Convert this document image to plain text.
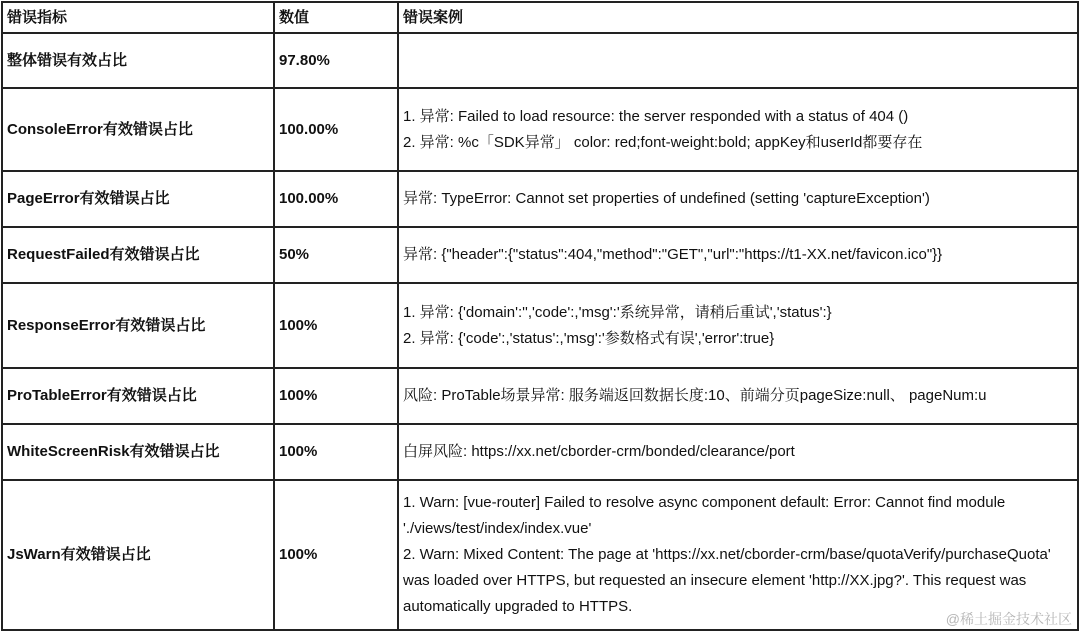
错误指标	数值	错误案例
整体错误有效占比	97.80%	
ConsoleError有效错误占比	100.00%	1. 异常: Failed to load resource: the server responded with a status of 404 ()
2. 异常: %c「SDK异常」 color: red;font-weight:bold; appKey和userId都要存在

PageError有效错误占比	100.00%	异常: TypeError: Cannot set properties of undefined (setting 'captureException')
RequestFailed有效错误占比	50%	异常: {"header":{"status":404,"method":"GET","url":"https://t1-XX.net/favicon.ico"}}
ResponseError有效错误占比	100%	1. 异常: {'domain':'','code':,'msg':'系统异常，请稍后重试','status':}
2. 异常: {'code':,'status':,'msg':'参数格式有误','error':true}

ProTableError有效错误占比	100%	风险: ProTable场景异常: 服务端返回数据长度:10、前端分页pageSize:null、 pageNum:u
WhiteScreenRisk有效错误占比	100%	白屏风险: https://xx.net/cborder-crm/bonded/clearance/port
JsWarn有效错误占比	100%	1. Warn: [vue-router] Failed to resolve async component default: Error: Cannot find module './views/test/index/index.vue'
2. Warn: Mixed Content: The page at 'https://xx.net/cborder-crm/base/quotaVerify/purchaseQuota' was loaded over HTTPS, but requested an insecure element 'http://XX.jpg?'. This request was automatically upgraded to HTTPS.
@稀土掘金技术社区
